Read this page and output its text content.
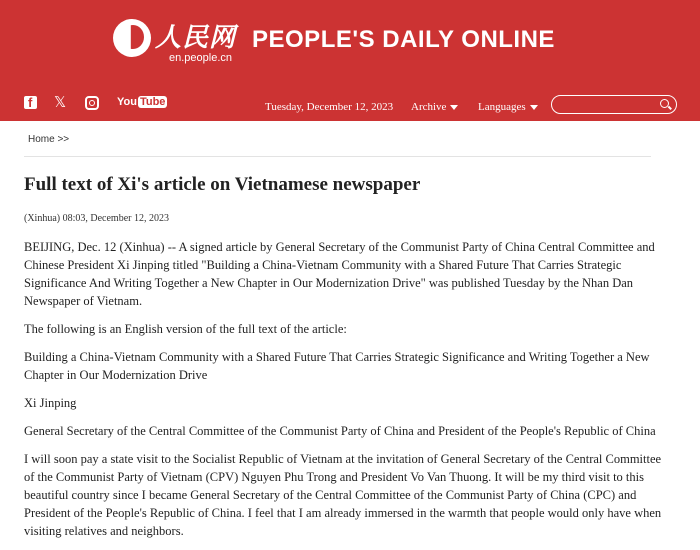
人民网
en.people.cn
PEOPLE'S DAILY ONLINE
f 𝕏	You Tube	Tuesday, December 12, 2023 Archive	Languages
Home >>
Full text of Xi's article on Vietnamese newspaper
(Xinhua) 08:03, December 12, 2023

BEIJING, Dec. 12 (Xinhua) -- A signed article by General Secretary of the Communist Party of China Central Committee and Chinese President Xi Jinping titled "Building a China-Vietnam Community with a Shared Future That Carries Strategic Significance And Writing Together a New Chapter in Our Modernization Drive" was published Tuesday by the Nhan Dan Newspaper of Vietnam.

The following is an English version of the full text of the article:

Building a China-Vietnam Community with a Shared Future That Carries Strategic Significance and Writing Together a New Chapter in Our Modernization Drive

Xi Jinping

General Secretary of the Central Committee of the Communist Party of China and President of the People's Republic of China

I will soon pay a state visit to the Socialist Republic of Vietnam at the invitation of General Secretary of the Central Committee of the Communist Party of Vietnam (CPV) Nguyen Phu Trong and President Vo Van Thuong. It will be my third visit to this beautiful country since I became General Secretary of the Central Committee of the Communist Party of China (CPC) and President of the People's Republic of China. I feel that I am already immersed in the warmth that people would only have when visiting relatives and neighbors.
